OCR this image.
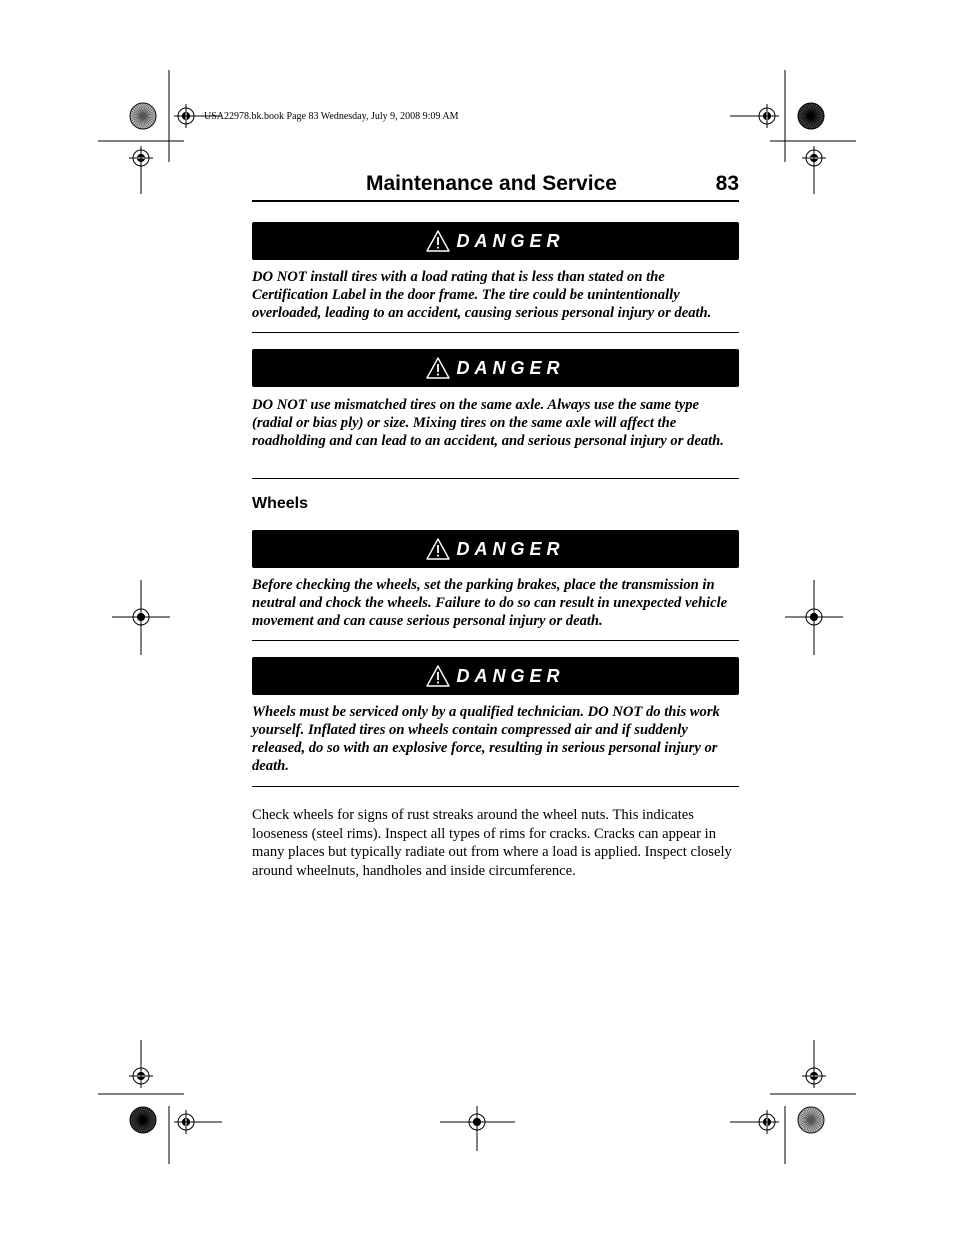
USA22978.bk.book Page 83 Wednesday, July 9, 2008 9:09 AM
Maintenance and Service	83
DANGER
DO NOT install tires with a load rating that is less than stated on the Certification Label in the door frame. The tire could be unintentionally overloaded, leading to an accident, causing serious personal injury or death.
DANGER
DO NOT use mismatched tires on the same axle. Always use the same type (radial or bias ply) or size. Mixing tires on the same axle will affect the roadholding and can lead to an accident, and serious personal injury or death.
Wheels
DANGER
Before checking the wheels, set the parking brakes, place the transmission in neutral and chock the wheels. Failure to do so can result in unexpected vehicle movement and can cause serious personal injury or death.
DANGER
Wheels must be serviced only by a qualified technician. DO NOT do this work yourself. Inflated tires on wheels contain compressed air and if suddenly released, do so with an explosive force, resulting in serious personal injury or death.
Check wheels for signs of rust streaks around the wheel nuts. This indicates looseness (steel rims). Inspect all types of rims for cracks. Cracks can appear in many places but typically radiate out from where a load is applied. Inspect closely around wheelnuts, handholes and inside circumference.
